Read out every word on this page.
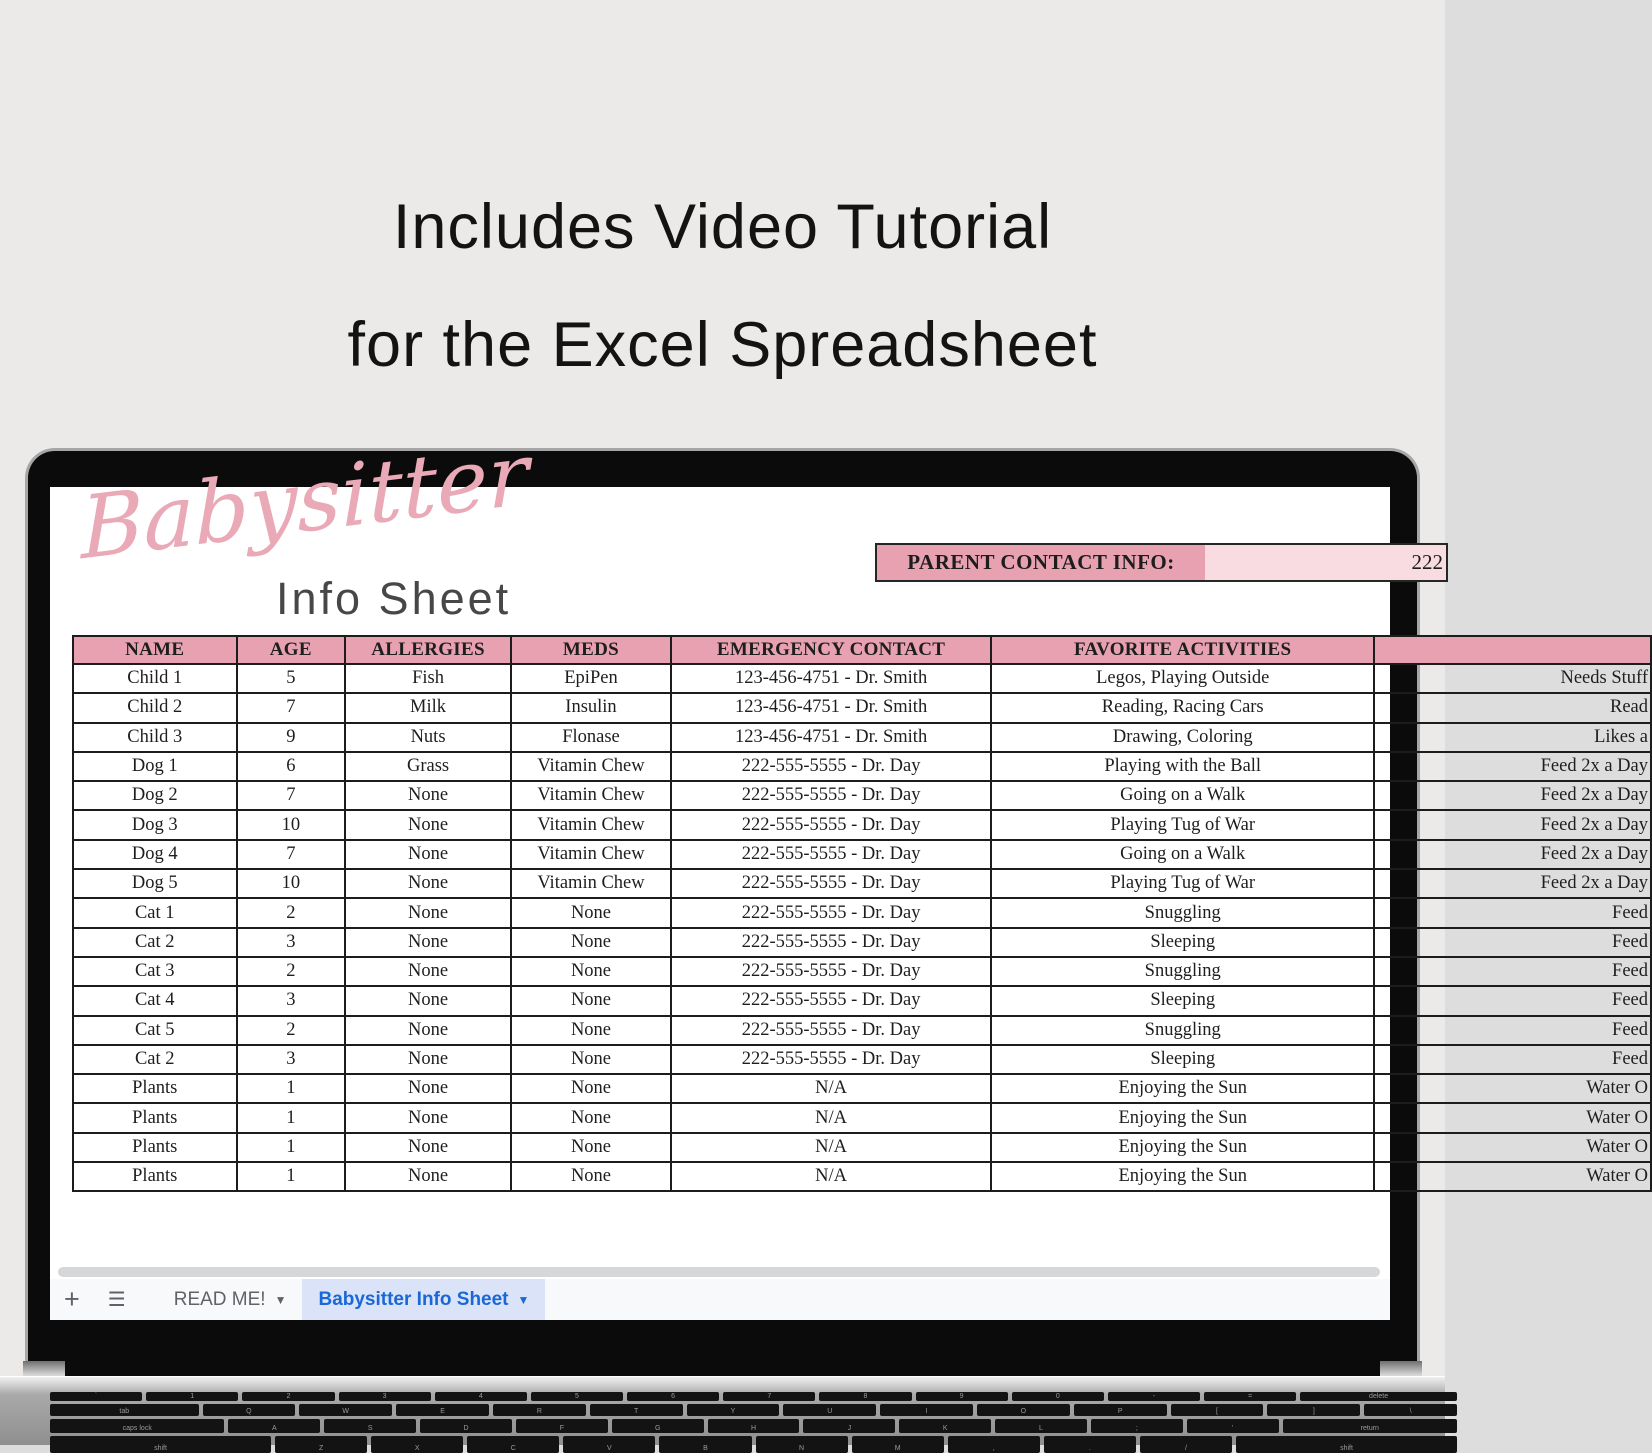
Includes Video Tutorial
for the Excel Spreadsheet
Babysitter
Info Sheet
PARENT CONTACT INFO:	222
NAME	AGE	ALLERGIES	MEDS	EMERGENCY CONTACT	FAVORITE ACTIVITIES	
Child 1	5	Fish	EpiPen	123-456-4751 - Dr. Smith	Legos, Playing Outside	Needs Stuff
Child 2	7	Milk	Insulin	123-456-4751 - Dr. Smith	Reading, Racing Cars	Read
Child 3	9	Nuts	Flonase	123-456-4751 - Dr. Smith	Drawing, Coloring	Likes a
Dog 1	6	Grass	Vitamin Chew	222-555-5555 - Dr. Day	Playing with the Ball	Feed 2x a Day
Dog 2	7	None	Vitamin Chew	222-555-5555 - Dr. Day	Going on a Walk	Feed 2x a Day
Dog 3	10	None	Vitamin Chew	222-555-5555 - Dr. Day	Playing Tug of War	Feed 2x a Day
Dog 4	7	None	Vitamin Chew	222-555-5555 - Dr. Day	Going on a Walk	Feed 2x a Day
Dog 5	10	None	Vitamin Chew	222-555-5555 - Dr. Day	Playing Tug of War	Feed 2x a Day
Cat 1	2	None	None	222-555-5555 - Dr. Day	Snuggling	Feed
Cat 2	3	None	None	222-555-5555 - Dr. Day	Sleeping	Feed
Cat 3	2	None	None	222-555-5555 - Dr. Day	Snuggling	Feed
Cat 4	3	None	None	222-555-5555 - Dr. Day	Sleeping	Feed
Cat 5	2	None	None	222-555-5555 - Dr. Day	Snuggling	Feed
Cat 2	3	None	None	222-555-5555 - Dr. Day	Sleeping	Feed
Plants	1	None	None	N/A	Enjoying the Sun	Water O
Plants	1	None	None	N/A	Enjoying the Sun	Water O
Plants	1	None	None	N/A	Enjoying the Sun	Water O
Plants	1	None	None	N/A	Enjoying the Sun	Water O
+ ☰	READ ME! ▼ Babysitter Info Sheet ▼
`	1	2	3	4	5	6	7	8	9	0	-	=	delete
tab	Q	W	E	R	T	Y	U	I	O	P	[	]	\
caps lock	A	S	D	F	G	H	J	K	L	;	'	return
shift	Z	X	C	V	B	N	M	,	.	/	shift
